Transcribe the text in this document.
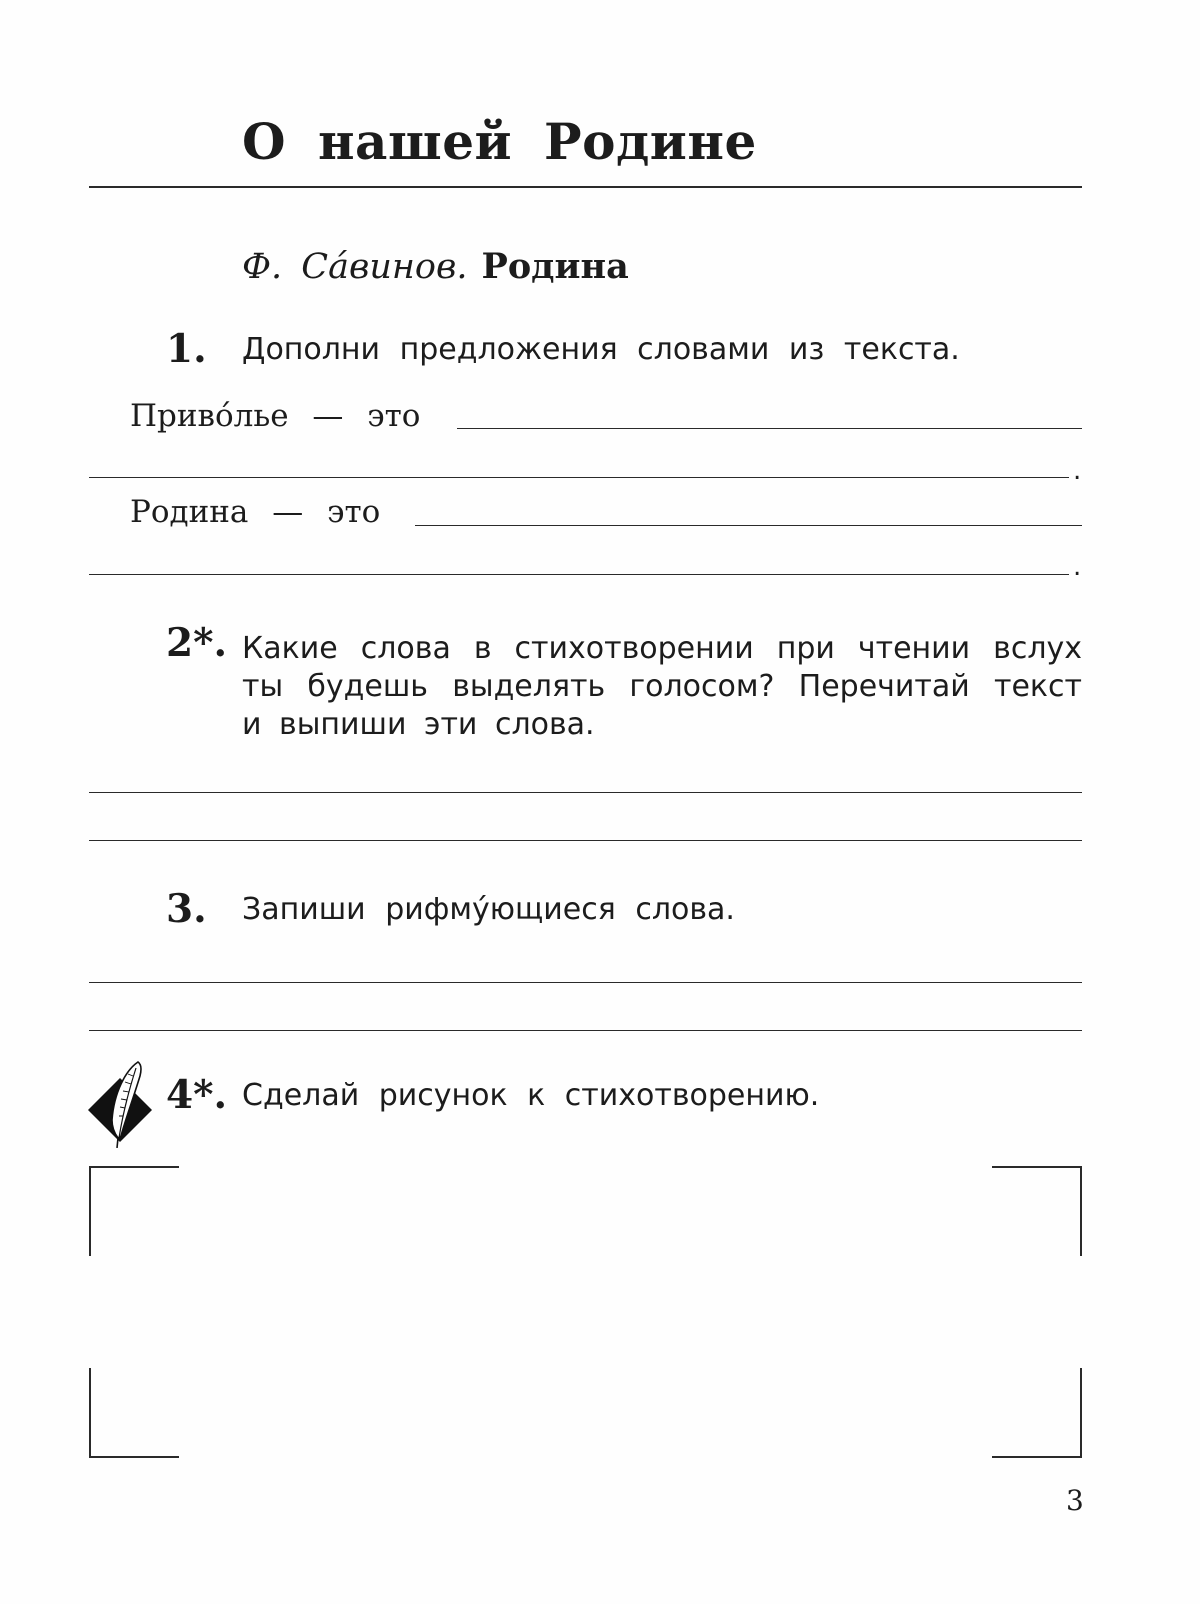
О нашей Родине
Ф. Са́винов. Родина
1. Дополни предложения словами из текста.
Приво́лье — это
.
Родина — это
.
2*. Какие слова в стихотворении при чтении вслух ты будешь выделять голосом? Перечитай текст и выпиши эти слова.
3. Запиши рифму́ющиеся слова.
4*. Сделай рисунок к стихотворению.
3
